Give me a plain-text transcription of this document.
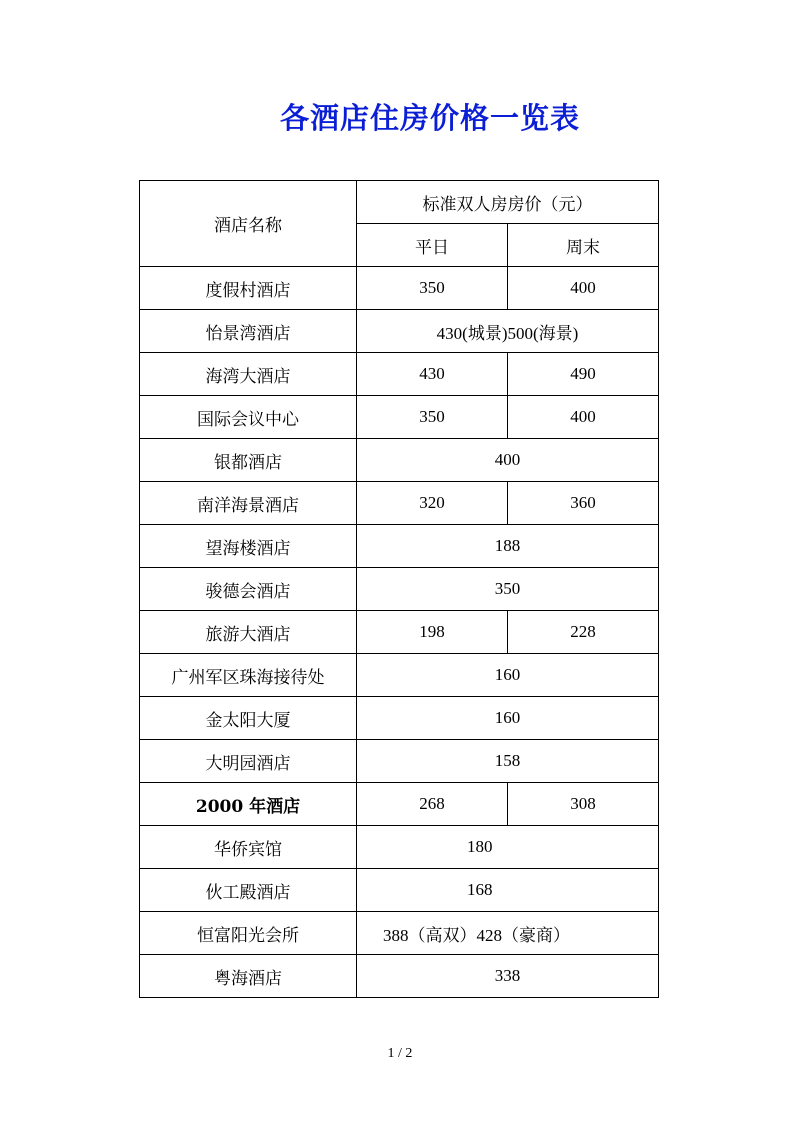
各酒店住房价格一览表
酒店名称	标准双人房房价（元）	
	平日	周末
度假村酒店	350	400
怡景湾酒店	430(城景)500(海景)	
海湾大酒店	430	490
国际会议中心	350	400
银都酒店	400	
南洋海景酒店	320	360
望海楼酒店	188	
骏德会酒店	350	
旅游大酒店	198	228
广州军区珠海接待处	160	
金太阳大厦	160	
大明园酒店	158	
2000 年酒店	268	308
华侨宾馆	180	
伙工殿酒店	168	
恒富阳光会所	388（高双）428（豪商）	
粤海酒店	338	
1 / 2
